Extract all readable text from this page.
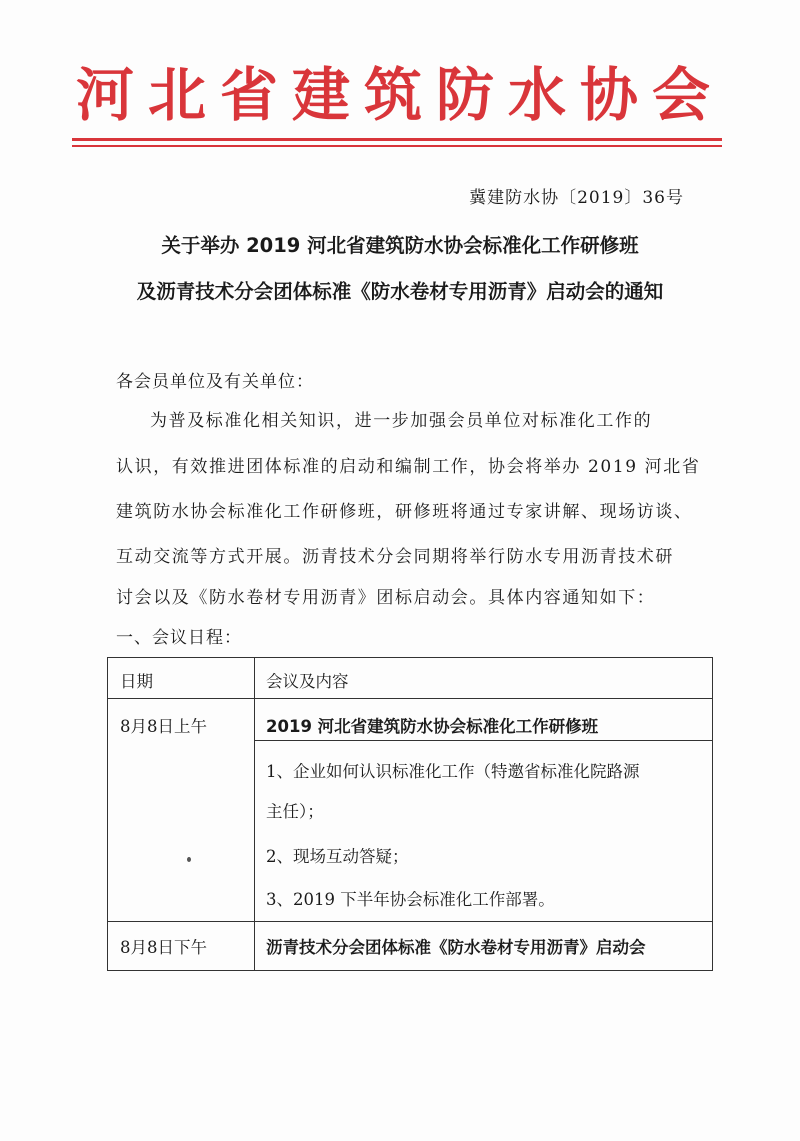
河北省建筑防水协会
冀建防水协〔2019〕36号
关于举办 2019 河北省建筑防水协会标准化工作研修班
及沥青技术分会团体标准《防水卷材专用沥青》启动会的通知
各会员单位及有关单位：
为普及标准化相关知识，进一步加强会员单位对标准化工作的
认识，有效推进团体标准的启动和编制工作，协会将举办 2019 河北省
建筑防水协会标准化工作研修班，研修班将通过专家讲解、现场访谈、
互动交流等方式开展。沥青技术分会同期将举行防水专用沥青技术研
讨会以及《防水卷材专用沥青》团标启动会。具体内容通知如下：
一、会议日程：
日期	会议及内容
8月8日上午	2019 河北省建筑防水协会标准化工作研修班
1、企业如何认识标准化工作（特邀省标准化院路源
主任）；
2、现场互动答疑；
3、2019 下半年协会标准化工作部署。
8月8日下午	沥青技术分会团体标准《防水卷材专用沥青》启动会
